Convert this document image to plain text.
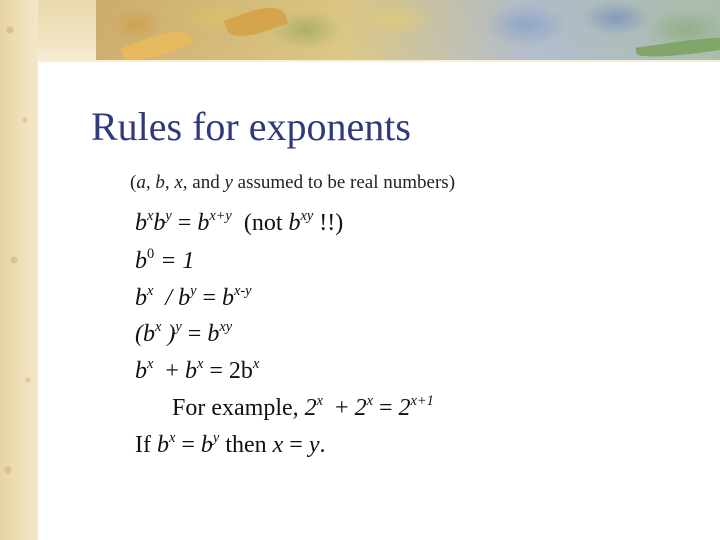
Rules for exponents
(a, b, x, and y assumed to be real numbers)
$b^xb^y = b^{x+y}$  (not $b^{xy}$ !!)
$b^0 = 1$
$b^x / b^y = b^{x-y}$
($b^x$ )$^y = b^{xy}$
$b^x + b^x = 2b^x$
For example, $2^x + 2^x = 2^{x+1}$
If $b^x = b^y$ then x = y.
